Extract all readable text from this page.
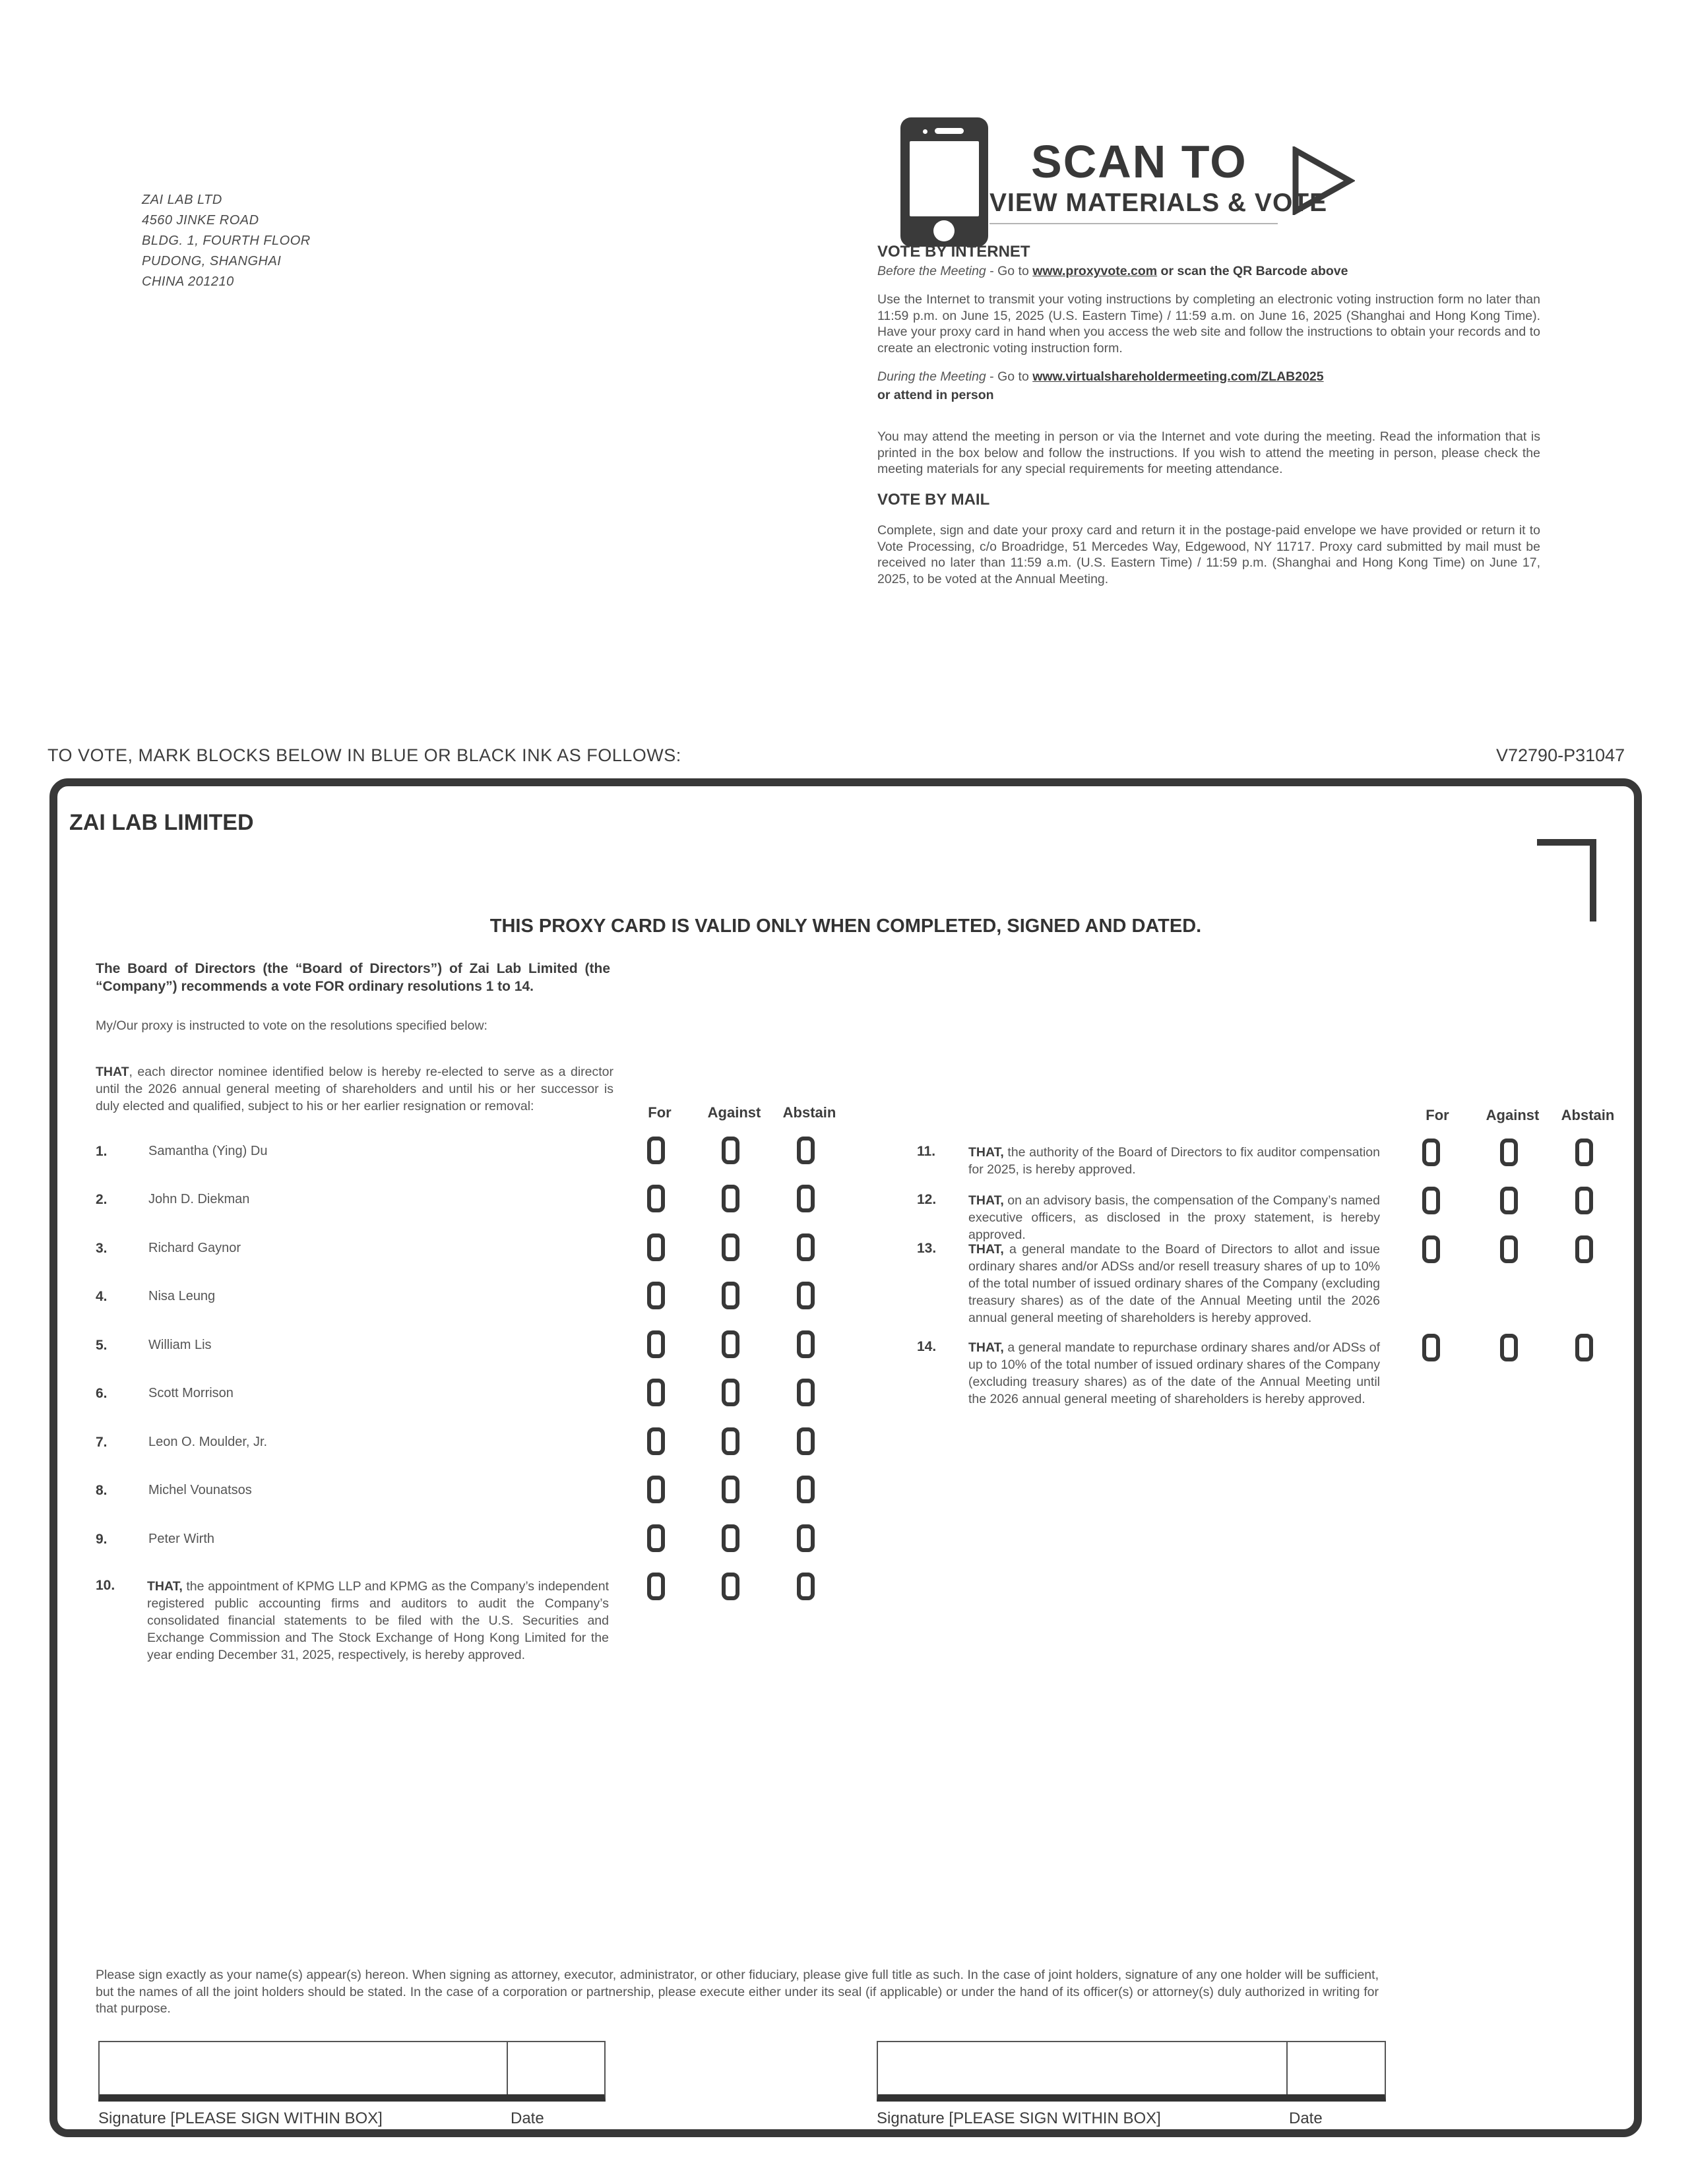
ZAI LAB LTD
4560 JINKE ROAD
BLDG. 1, FOURTH FLOOR
PUDONG, SHANGHAI
CHINA 201210
SCAN TO
VIEW MATERIALS & VOTE
VOTE BY INTERNET
Before the Meeting - Go to www.proxyvote.com or scan the QR Barcode above
Use the Internet to transmit your voting instructions by completing an electronic voting instruction form no later than 11:59 p.m. on June 15, 2025 (U.S. Eastern Time) / 11:59 a.m. on June 16, 2025 (Shanghai and Hong Kong Time). Have your proxy card in hand when you access the web site and follow the instructions to obtain your records and to create an electronic voting instruction form.
During the Meeting - Go to www.virtualshareholdermeeting.com/ZLAB2025
or attend in person
You may attend the meeting in person or via the Internet and vote during the meeting. Read the information that is printed in the box below and follow the instructions. If you wish to attend the meeting in person, please check the meeting materials for any special requirements for meeting attendance.
VOTE BY MAIL
Complete, sign and date your proxy card and return it in the postage-paid envelope we have provided or return it to Vote Processing, c/o Broadridge, 51 Mercedes Way, Edgewood, NY 11717. Proxy card submitted by mail must be received no later than 11:59 a.m. (U.S. Eastern Time) / 11:59 p.m. (Shanghai and Hong Kong Time) on June 17, 2025, to be voted at the Annual Meeting.
TO VOTE, MARK BLOCKS BELOW IN BLUE OR BLACK INK AS FOLLOWS:	V72790-P31047
ZAI LAB LIMITED
THIS PROXY CARD IS VALID ONLY WHEN COMPLETED, SIGNED AND DATED.
The Board of Directors (the “Board of Directors”) of Zai Lab Limited (the “Company”) recommends a vote FOR ordinary resolutions 1 to 14.
My/Our proxy is instructed to vote on the resolutions specified below:
THAT, each director nominee identified below is hereby re-elected to serve as a director until the 2026 annual general meeting of shareholders and until his or her successor is duly elected and qualified, subject to his or her earlier resignation or removal:	For	Against	Abstain	For	Against	Abstain
1.	Samantha (Ying) Du
2.	John D. Diekman
3.	Richard Gaynor
4.	Nisa Leung
5.	William Lis
6.	Scott Morrison
7.	Leon O. Moulder, Jr.
8.	Michel Vounatsos
9.	Peter Wirth
10.	THAT, the appointment of KPMG LLP and KPMG as the Company’s independent registered public accounting firms and auditors to audit the Company’s consolidated financial statements to be filed with the U.S. Securities and Exchange Commission and The Stock Exchange of Hong Kong Limited for the year ending December 31, 2025, respectively, is hereby approved.
11.	THAT, the authority of the Board of Directors to fix auditor compensation for 2025, is hereby approved.
12.	THAT, on an advisory basis, the compensation of the Company’s named executive officers, as disclosed in the proxy statement, is hereby approved.
13.	THAT, a general mandate to the Board of Directors to allot and issue ordinary shares and/or ADSs and/or resell treasury shares of up to 10% of the total number of issued ordinary shares of the Company (excluding treasury shares) as of the date of the Annual Meeting until the 2026 annual general meeting of shareholders is hereby approved.
14.	THAT, a general mandate to repurchase ordinary shares and/or ADSs of up to 10% of the total number of issued ordinary shares of the Company (excluding treasury shares) as of the date of the Annual Meeting until the 2026 annual general meeting of shareholders is hereby approved.
Please sign exactly as your name(s) appear(s) hereon. When signing as attorney, executor, administrator, or other fiduciary, please give full title as such. In the case of joint holders, signature of any one holder will be sufficient, but the names of all the joint holders should be stated. In the case of a corporation or partnership, please execute either under its seal (if applicable) or under the hand of its officer(s) or attorney(s) duly authorized in writing for that purpose.
Signature [PLEASE SIGN WITHIN BOX]	Date	Signature [PLEASE SIGN WITHIN BOX]	Date
